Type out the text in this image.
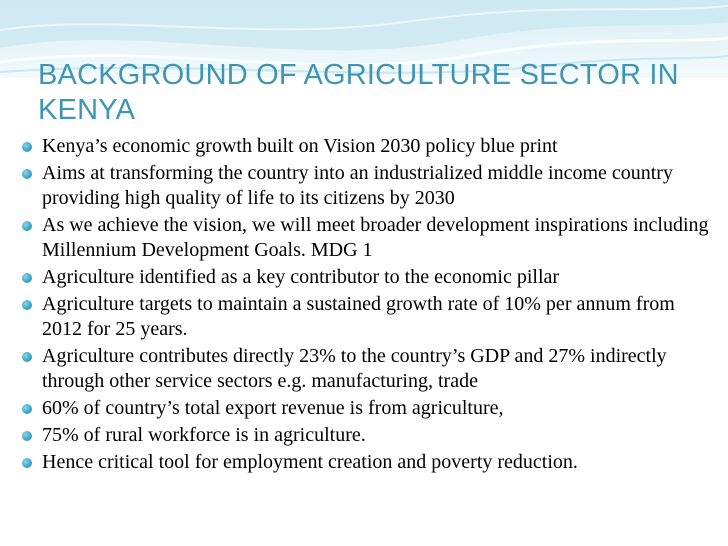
BACKGROUND OF AGRICULTURE SECTOR IN KENYA
Kenya’s economic growth built on Vision 2030 policy blue print
Aims at transforming the country into an industrialized middle income country providing high quality of life to its citizens by 2030
As we achieve the vision, we will meet broader development inspirations including Millennium Development Goals. MDG 1
Agriculture identified as a key contributor to the economic pillar
Agriculture targets to maintain a sustained growth rate of 10% per annum from 2012 for 25 years.
Agriculture contributes directly 23% to the country’s GDP and 27% indirectly through other service sectors e.g. manufacturing, trade
60% of country’s total export revenue is from agriculture,
75% of rural workforce is in agriculture.
Hence critical tool for employment creation and poverty reduction.
